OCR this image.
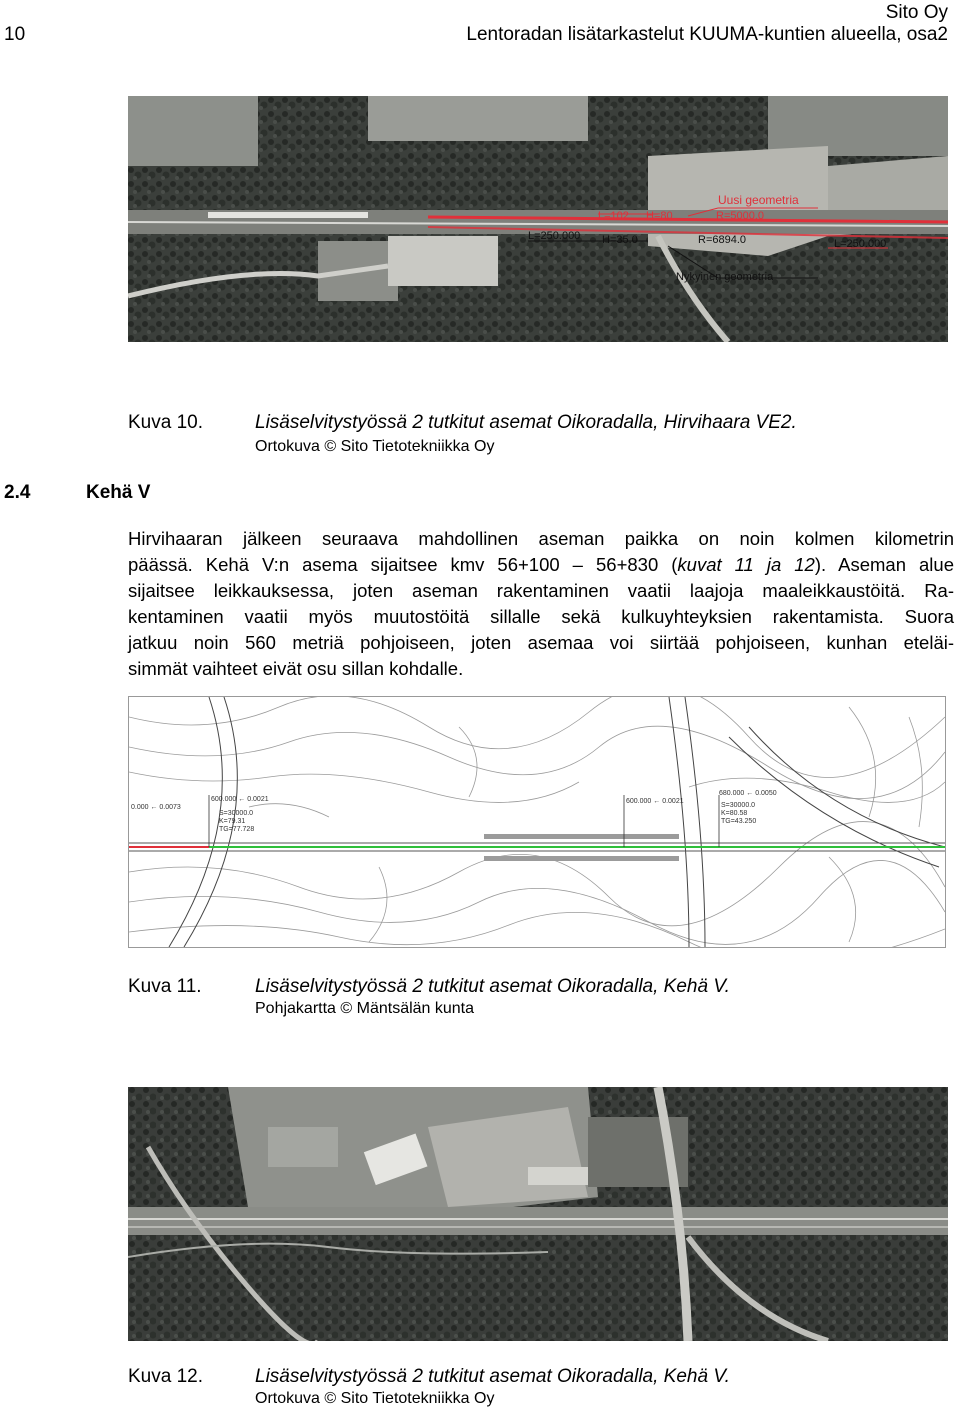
Sito Oy
10	Lentoradan lisätarkastelut KUUMA-kuntien alueella, osa2
Uusi geometria
L=102 H=80	R=5000.0
L=250.000 H=35.0	R=6894.0	L=250.000
Nykyinen geometria
Kuva 10.	Lisäselvitystyössä 2 tutkitut asemat Oikoradalla, Hirvihaara VE2.
Ortokuva © Sito Tietotekniikka Oy
2.4	Kehä V
Hirvihaaran jälkeen seuraava mahdollinen aseman paikka on noin kolmen kilometrin
päässä. Kehä V:n asema sijaitsee kmv 56+100 – 56+830 (kuvat 11 ja 12). Aseman alue
sijaitsee leikkauksessa, joten aseman rakentaminen vaatii laajoja maaleikkaustöitä. Ra-
kentaminen vaatii myös muutostöitä sillalle sekä kulkuyhteyksien rakentamista. Suora
jatkuu noin 560 metriä pohjoiseen, joten asemaa voi siirtää pohjoiseen, kunhan eteläi-
simmät vaihteet eivät osu sillan kohdalle.
0.000 ← 0.0073
600.000 ← 0.0021
S=30000.0
K=79.31
TG=77.728
600.000 ← 0.0021
680.000 ← 0.0050
S=30000.0
K=80.58
TG=43.250
Kuva 11.	Lisäselvitystyössä 2 tutkitut asemat Oikoradalla, Kehä V.
Pohjakartta © Mäntsälän kunta
Kuva 12.	Lisäselvitystyössä 2 tutkitut asemat Oikoradalla, Kehä V.
Ortokuva © Sito Tietotekniikka Oy
